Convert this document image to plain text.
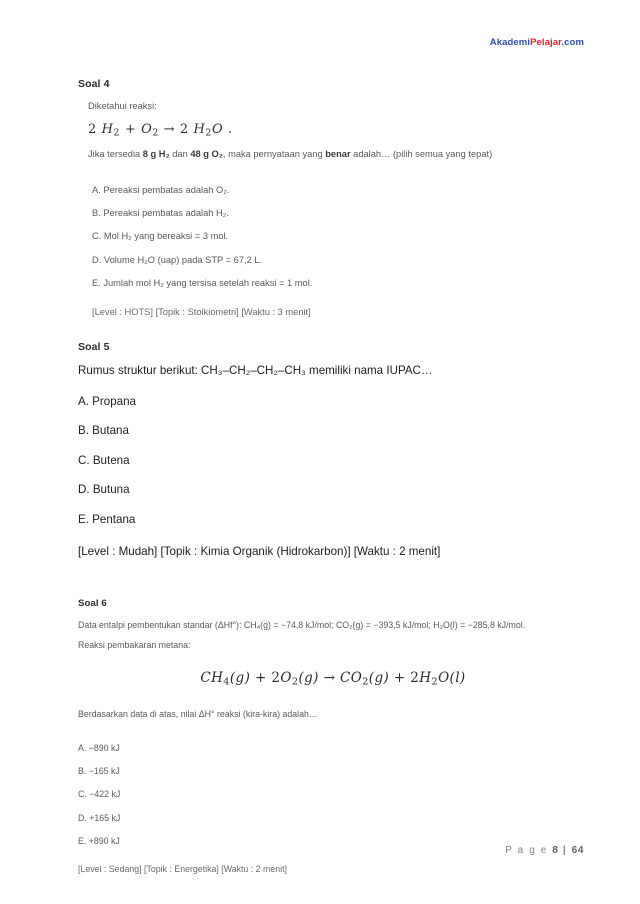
AkademiPelajar.com
Soal 4
Diketahui reaksi:
2 $H_2 + O_2 \to 2$ $H_2O$ .
Jika tersedia 8 g H₂ dan 48 g O₂, maka pernyataan yang benar adalah… (pilih semua yang tepat)
A. Pereaksi pembatas adalah O₂.
B. Pereaksi pembatas adalah H₂.
C. Mol H₂ yang bereaksi = 3 mol.
D. Volume H₂O (uap) pada STP = 67,2 L.
E. Jumlah mol H₂ yang tersisa setelah reaksi = 1 mol.
[Level : HOTS] [Topik : Stoikiometri] [Waktu : 3 menit]
Soal 5
Rumus struktur berikut: CH₃–CH₂–CH₂–CH₃ memiliki nama IUPAC…
A. Propana
B. Butana
C. Butena
D. Butuna
E. Pentana
[Level : Mudah] [Topik : Kimia Organik (Hidrokarbon)] [Waktu : 2 menit]
Soal 6
Data entalpi pembentukan standar (ΔHf°): CH₄(g) = −74,8 kJ/mol; CO₂(g) = −393,5 kJ/mol; H₂O(l) = −285,8 kJ/mol.
Reaksi pembakaran metana:
$CH_4(g) + 2O_2(g) \to CO_2(g) + 2H_2O(l)$
Berdasarkan data di atas, nilai ΔH° reaksi (kira-kira) adalah…
A. −890 kJ
B. −165 kJ
C. −422 kJ
D. +165 kJ
E. +890 kJ
[Level : Sedang] [Topik : Energetika] [Waktu : 2 menit]
P a g e 8 | 64
